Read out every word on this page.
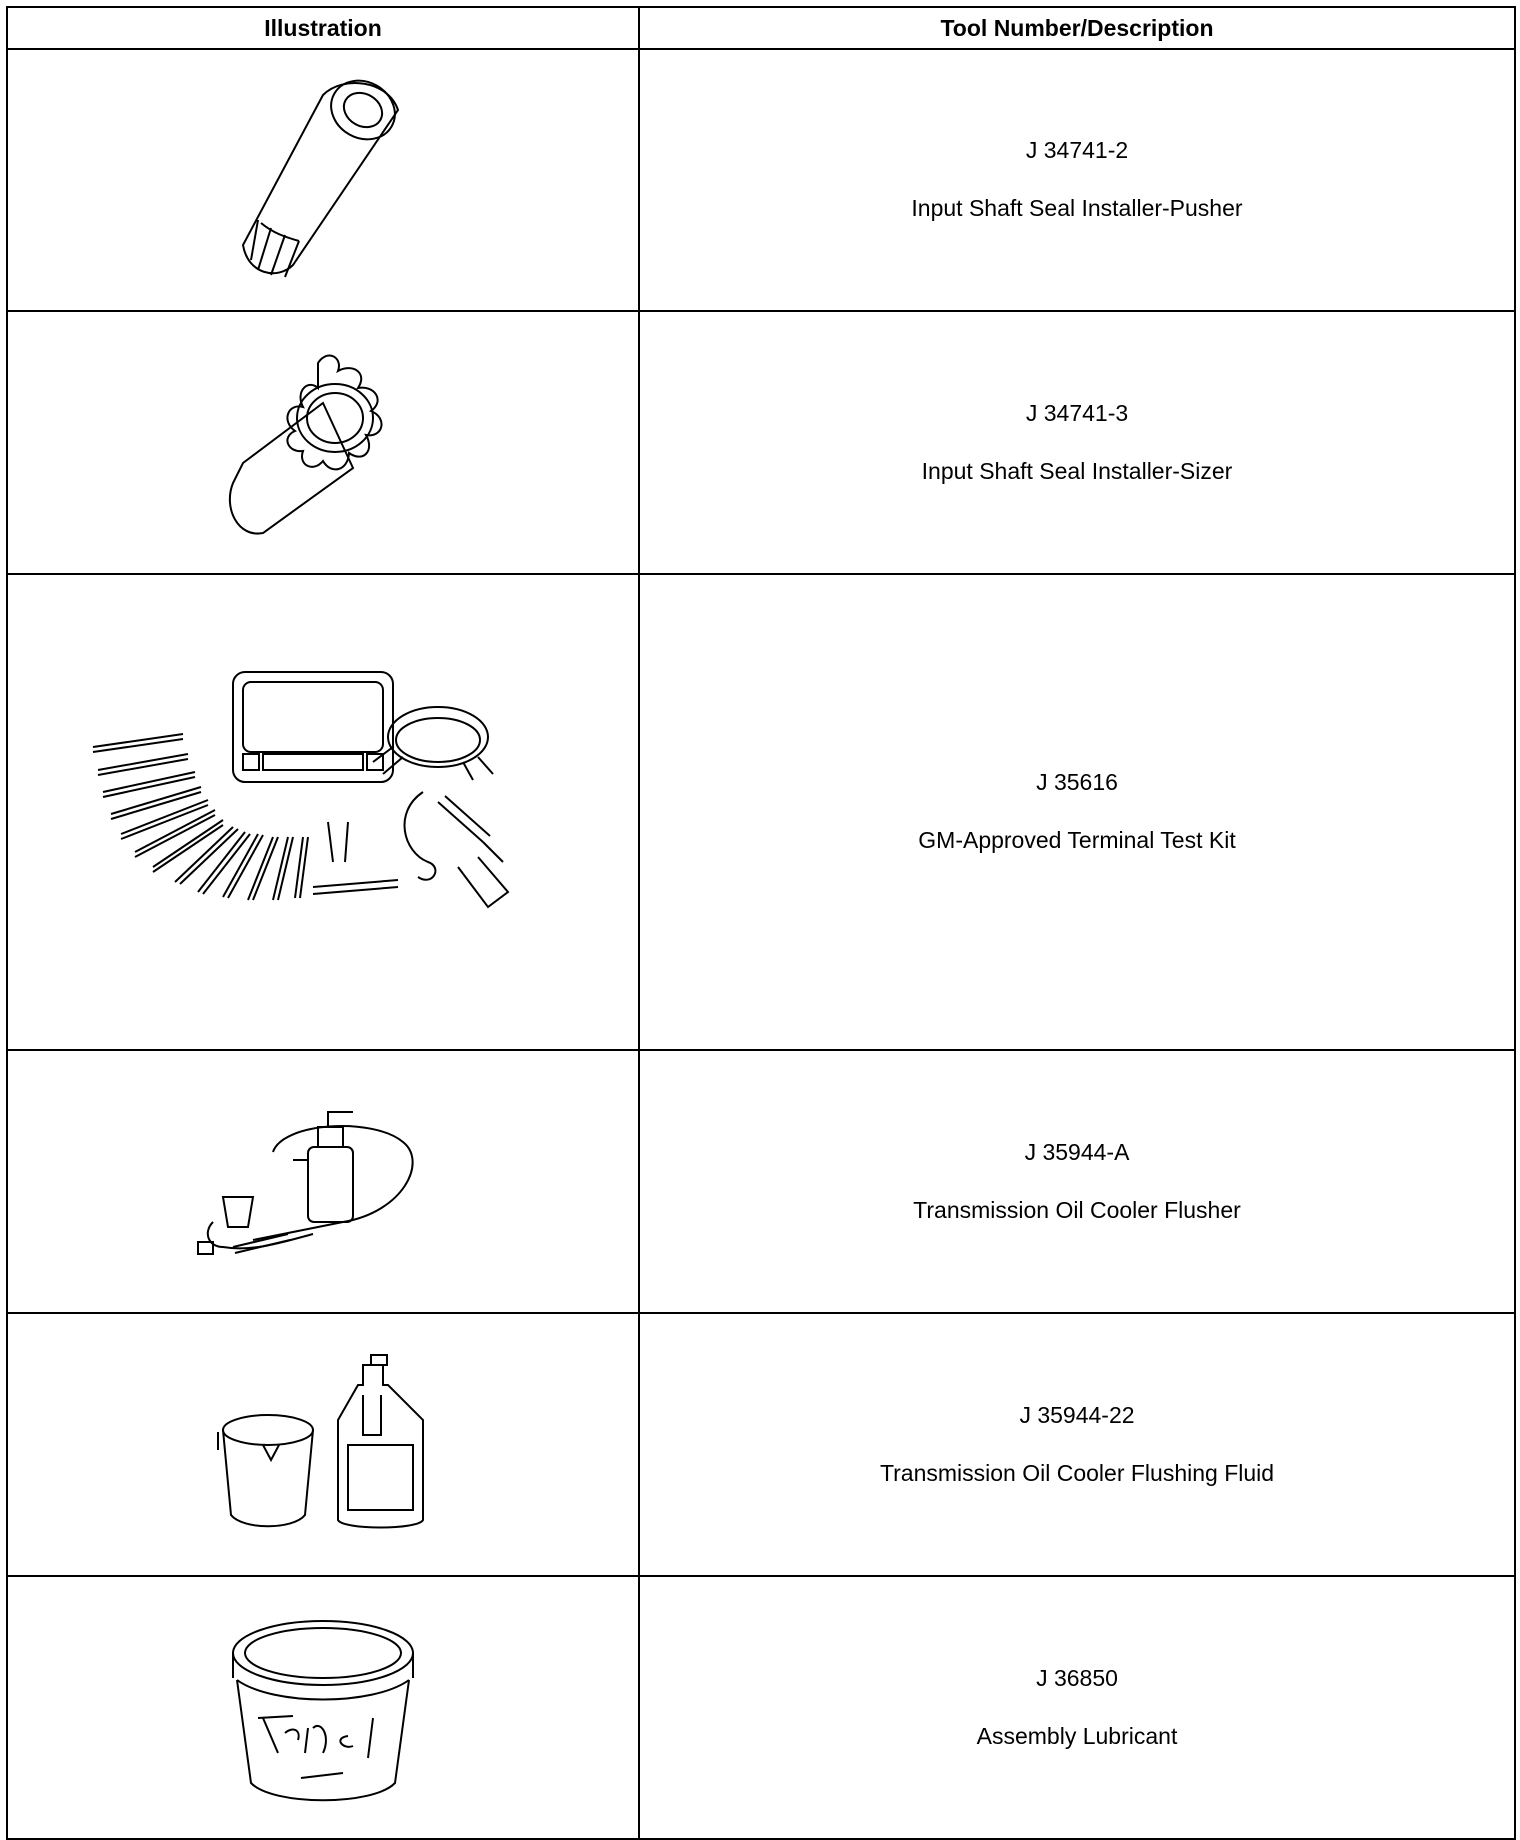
Illustration	Tool Number/Description

J 34741-2
Input Shaft Seal Installer-Pusher

J 34741-3
Input Shaft Seal Installer-Sizer

J 35616
GM-Approved Terminal Test Kit

J 35944-A
Transmission Oil Cooler Flusher

J 35944-22
Transmission Oil Cooler Flushing Fluid

J 36850
Assembly Lubricant
